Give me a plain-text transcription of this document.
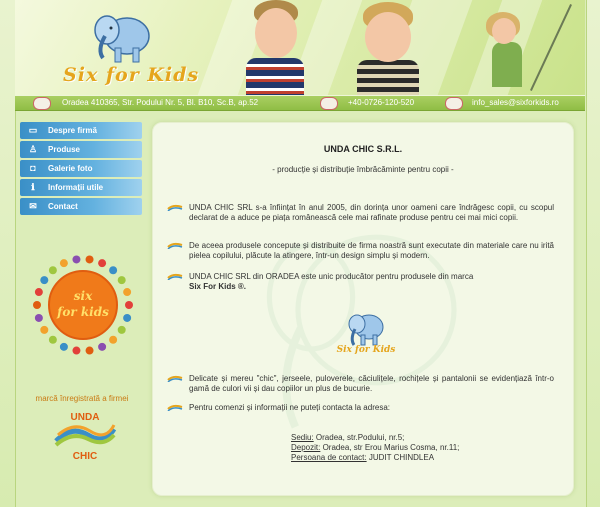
Six for Kids
Oradea 410365, Str. Podului Nr. 5, Bl. B10, Sc.B, ap.52	+40-0726-120-520	info_sales@sixforkids.ro
▭	Despre firmă
♙	Produse
◘	Galerie foto
ℹ	Informații utile
✉	Contact
six
for kids
marcă înregistrată a firmei
UNDA
CHIC
UNDA CHIC S.R.L.
- producție și distribuție îmbrăcăminte pentru copii -
UNDA CHIC SRL s-a înființat în anul 2005, din dorința unor oameni care îndrăgesc copii, cu scopul declarat de a aduce pe piața românească cele mai rafinate produse pentru cei mai mici copii.
De aceea produsele concepute și distribuite de firma noastră sunt executate din materiale care nu irită pielea copilului, plăcute la atingere, într-un design simplu și modern.
UNDA CHIC SRL din ORADEA este unic producător pentru produsele din marca
Six For Kids ®.
Six for Kids
Delicate și mereu "chic", jerseele, puloverele, căciulițele, rochițele și pantalonii se evidențiază într-o gamă de culori vii și dau copiilor un plus de bucurie.
Pentru comenzi și informații ne puteți contacta la adresa:
Sediu: Oradea, str.Podului, nr.5;
Depozit: Oradea, str Erou Marius Cosma, nr.11;
Persoana de contact: JUDIT CHINDLEA
